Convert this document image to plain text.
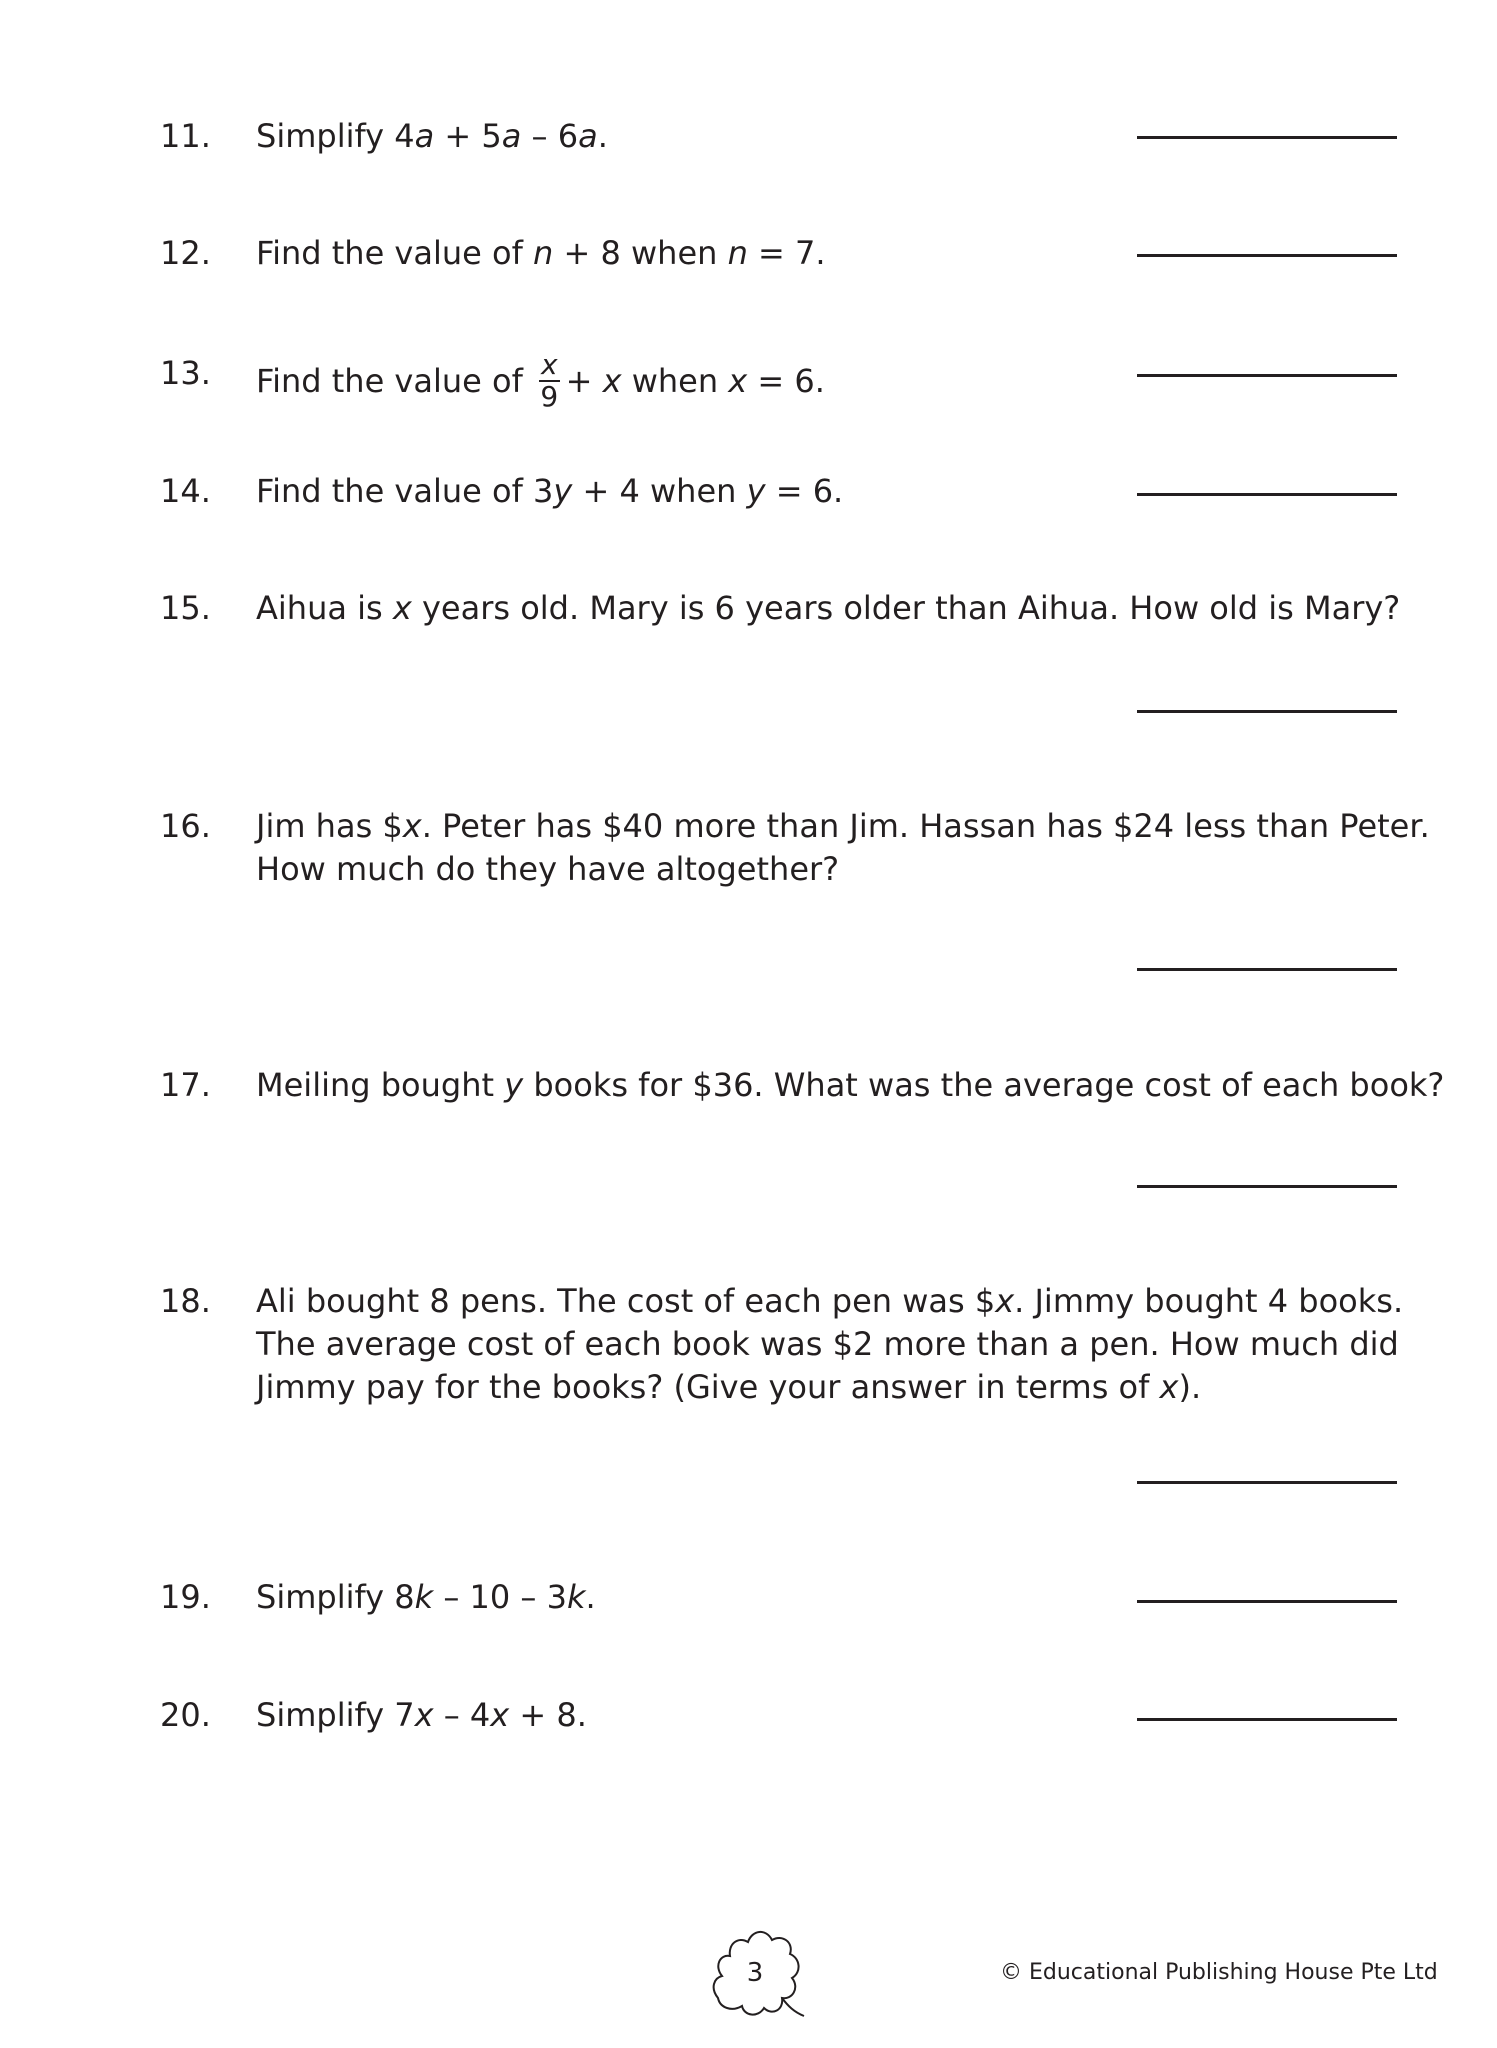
11. Simplify 4a + 5a – 6a.
12. Find the value of n + 8 when n = 7.
13. Find the value of $\frac{x}{9} + x$ when x = 6.
14. Find the value of 3y + 4 when y = 6.
15. Aihua is x years old. Mary is 6 years older than Aihua. How old is Mary?
16. Jim has $x. Peter has $40 more than Jim. Hassan has $24 less than Peter.
How much do they have altogether?
17. Meiling bought y books for $36. What was the average cost of each book?
18. Ali bought 8 pens. The cost of each pen was $x. Jimmy bought 4 books.
The average cost of each book was $2 more than a pen. How much did
Jimmy pay for the books? (Give your answer in terms of x).
19. Simplify 8k – 10 – 3k.
20. Simplify 7x – 4x + 8.
3	© Educational Publishing House Pte Ltd
